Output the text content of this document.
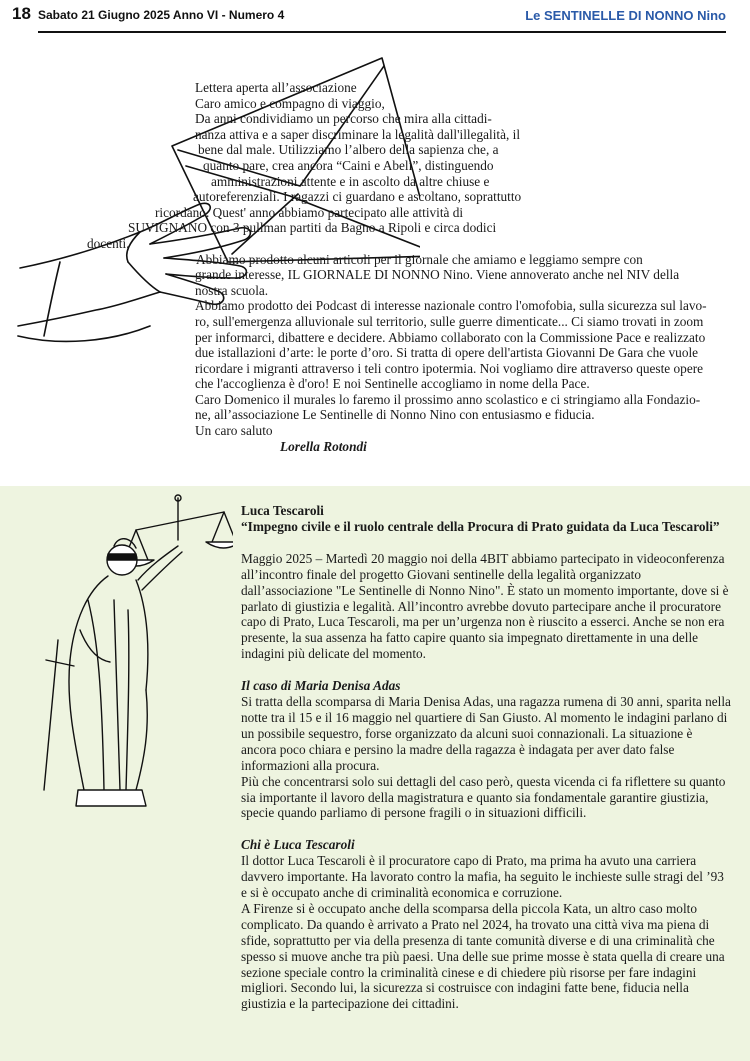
18 Sabato 21 Giugno 2025 Anno VI - Numero 4	Le SENTINELLE DI NONNO Nino
Lettera aperta all’associazione
Caro amico e compagno di viaggio,
Da anni condividiamo un percorso che mira alla cittadi-
nanza attiva e a saper discriminare la legalità dall'illegalità, il
bene dal male. Utilizziamo l’albero della sapienza che, a
quanto pare, crea ancora “Caini e Abeli”, distinguendo
amministrazioni attente e in ascolto da altre chiuse e
autoreferenziali. I ragazzi ci guardano e ascoltano, soprattutto
ricordano. Quest' anno abbiamo partecipato alle attività di
SUVIGNANO con 3 pullman partiti da Bagno a Ripoli e circa dodici
docenti.
Abbiamo prodotto alcuni articoli per il giornale che amiamo e leggiamo sempre con
grande interesse, IL GIORNALE DI NONNO Nino. Viene annoverato anche nel NIV della
nostra scuola.
Abbiamo prodotto dei Podcast di interesse nazionale contro l'omofobia, sulla sicurezza sul lavo-
ro, sull'emergenza alluvionale sul territorio, sulle guerre dimenticate... Ci siamo trovati in zoom
per informarci, dibattere e decidere. Abbiamo collaborato con la Commissione Pace e realizzato
due istallazioni d’arte: le porte d’oro. Si tratta di opere dell'artista Giovanni De Gara che vuole
ricordare i migranti attraverso i teli contro ipotermia. Noi vogliamo dire attraverso queste opere
che l'accoglienza è d'oro! E noi Sentinelle accogliamo in nome della Pace.
Caro Domenico il murales lo faremo il prossimo anno scolastico e ci stringiamo alla Fondazio-
ne, all’associazione Le Sentinelle di Nonno Nino con entusiasmo e fiducia.
Un caro saluto
Lorella Rotondi

Luca Tescaroli

“Impegno civile e il ruolo centrale della Procura di Prato guidata da Luca Tescaroli”

Maggio 2025 – Martedì 20 maggio noi della 4BIT abbiamo partecipato in videoconferenza all’incontro finale del progetto Giovani sentinelle della legalità organizzato dall’associazione "Le Sentinelle di Nonno Nino". È stato un momento importante, dove si è parlato di giustizia e legalità. All’incontro avrebbe dovuto partecipare anche il procuratore capo di Prato, Luca Tescaroli, ma per un’urgenza non è riuscito a esserci. Anche se non era presente, la sua assenza ha fatto capire quanto sia impegnato direttamente in una delle indagini più delicate del momento.

Il caso di Maria Denisa Adas

Si tratta della scomparsa di Maria Denisa Adas, una ragazza rumena di 30 anni, sparita nella notte tra il 15 e il 16 maggio nel quartiere di San Giusto. Al momento le indagini parlano di un possibile sequestro, forse organizzato da alcuni suoi connazionali. La situazione è ancora poco chiara e persino la madre della ragazza è indagata per aver dato false informazioni alla procura.

Più che concentrarsi solo sui dettagli del caso però, questa vicenda ci fa riflettere su quanto sia importante il lavoro della magistratura e quanto sia fondamentale garantire giustizia, specie quando parliamo di persone fragili o in situazioni difficili.

Chi è Luca Tescaroli

Il dottor Luca Tescaroli è il procuratore capo di Prato, ma prima ha avuto una carriera davvero importante. Ha lavorato contro la mafia, ha seguito le inchieste sulle stragi del ’93 e si è occupato anche di criminalità economica e corruzione.

A Firenze si è occupato anche della scomparsa della piccola Kata, un altro caso molto complicato. Da quando è arrivato a Prato nel 2024, ha trovato una città viva ma piena di sfide, soprattutto per via della presenza di tante comunità diverse e di una criminalità che spesso si muove anche tra più paesi. Una delle sue prime mosse è stata quella di creare una sezione speciale contro la criminalità cinese e di chiedere più risorse per fare indagini migliori. Secondo lui, la sicurezza si costruisce con indagini fatte bene, fiducia nella giustizia e la partecipazione dei cittadini.
